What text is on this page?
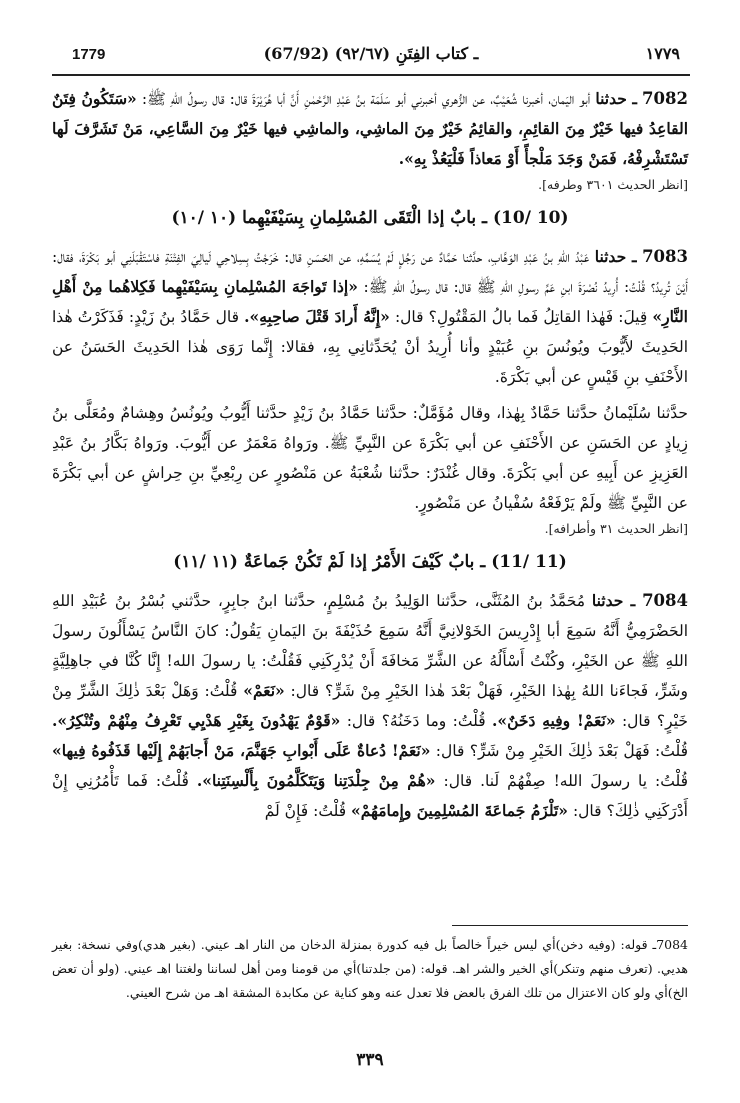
1779	(67/92) ـ كتاب الفِتَنِ (٩٢/٦٧)	١٧٧٩

7082 ـ حدثنا أبو اليَمان، أخبرنا شُعَيْبٌ، عن الزُّهري أخبرني أبو سَلَمَة بنُ عَبْدِ الرَّحْمٰنِ أَنَّ أبا هُرَيْرَةَ قال: قال رسولُ اللهِ ﷺ: «سَتَكُونُ فِتَنٌ القاعِدُ فيها خَيْرٌ مِنَ القائِمِ، والقائِمُ خَيْرٌ مِنَ الماشِي، والماشِي فيها خَيْرٌ مِنَ السَّاعِي، مَنْ تَشَرَّفَ لَها تَسْتَشْرِفْهُ، فَمَنْ وَجَدَ مَلْجأً أَوْ مَعاذاً فَلْيَعُذْ بِهِ».
[انظر الحديث ٣٦٠١ وطرفه].

(10 /10) ـ بابٌ إذا الْتَقَى المُسْلِمانِ بِسَيْفَيْهِما (١٠ /١٠)

7083 ـ حدثنا عَبْدُ اللهِ بنُ عَبْدِ الوَهَّابِ، حدَّثنا حَمَّادٌ عن رَجُلٍ لَمْ يُسَمِّهِ، عن الحَسَنِ قال: خَرَجْتُ بِسِلاحِي لَيالِيَ الفِتْنَةِ فاسْتَقْبَلَنِي أبو بَكْرَةَ، فقال: أَيْنَ تُرِيدُ؟ قُلْتُ: أُرِيدُ نُصْرَةَ ابنِ عَمِّ رسولِ اللهِ ﷺ قال: قال رسولُ اللهِ ﷺ: «إذا تَواجَهَ المُسْلِمانِ بِسَيْفَيْهِما فَكِلاهُما مِنْ أَهْلِ النَّارِ» قِيلَ: فَهٰذا القاتِلُ فَما بالُ المَقْتُولِ؟ قال: «إِنَّهُ أَرادَ قَتْلَ صاحِبِهِ». قال حَمَّادُ بنُ زَيْدٍ: فَذَكَرْتُ هٰذا الحَدِيثَ لأَيُّوبَ ويُونُسَ بنِ عُبَيْدٍ وأنا أُرِيدُ أنْ يُحَدِّثانِي بِهِ، فقالا: إِنَّما رَوَى هٰذا الحَدِيثَ الحَسَنُ عن الأَحْنَفِ بنِ قَيْسٍ عن أبي بَكْرَةَ.

حدَّثنا سُلَيْمانُ حدَّثنا حَمَّادٌ بِهٰذا، وقال مُؤَمَّلٌ: حدَّثنا حَمَّادُ بنُ زَيْدٍ حدَّثنا أَيُّوبُ ويُونُسُ وهِشامٌ ومُعَلَّى بنُ زِيادٍ عن الحَسَنِ عن الأَحْنَفِ عن أبي بَكْرَةَ عن النَّبِيِّ ﷺ. ورَواهُ مَعْمَرٌ عن أَيُّوبَ. ورَواهُ بَكَّارُ بنُ عَبْدِ العَزِيزِ عن أَبِيهِ عن أبي بَكْرَةَ. وقال غُنْدَرٌ: حدَّثنا شُعْبَةُ عن مَنْصُورٍ عن رِبْعِيِّ بنِ حِراشٍ عن أبي بَكْرَةَ عن النَّبِيِّ ﷺ ولَمْ يَرْفَعْهُ سُفْيانُ عن مَنْصُورٍ.
[انظر الحديث ٣١ وأطرافه].

(11 /11) ـ بابٌ كَيْفَ الأَمْرُ إذا لَمْ تَكُنْ جَماعَةٌ (١١ /١١)

7084 ـ حدثنا مُحَمَّدُ بنُ المُثَنَّى، حدَّثنا الوَلِيدُ بنُ مُسْلِمٍ، حدَّثنا ابنُ جابِرٍ، حدَّثني بُسْرُ بنُ عُبَيْدِ اللهِ الحَضْرَمِيُّ أَنَّهُ سَمِعَ أبا إِدْرِيسَ الخَوْلانِيَّ أَنَّهُ سَمِعَ حُذَيْفَةَ بنَ اليَمانِ يَقُولُ: كانَ النَّاسُ يَسْأَلُونَ رسولَ اللهِ ﷺ عن الخَيْرِ، وكُنْتُ أَسْأَلُهُ عن الشَّرِّ مَخافَةَ أَنْ يُدْرِكَنِي فَقُلْتُ: يا رسولَ الله! إِنَّا كُنَّا في جاهِلِيَّةٍ وشَرٍّ، فَجاءَنا اللهُ بِهٰذا الخَيْرِ، فَهَلْ بَعْدَ هٰذا الخَيْرِ مِنْ شَرٍّ؟ قال: «نَعَمْ» قُلْتُ: وَهَلْ بَعْدَ ذٰلِكَ الشَّرِّ مِنْ خَيْرٍ؟ قال: «نَعَمْ! وفِيهِ دَخَنٌ». قُلْتُ: وما دَخَنُهُ؟ قال: «قَوْمٌ يَهْدُونَ بِغَيْرِ هَدْيِي تَعْرِفُ مِنْهُمْ وتُنْكِرُ». قُلْتُ: فَهَلْ بَعْدَ ذٰلِكَ الخَيْرِ مِنْ شَرٍّ؟ قال: «نَعَمْ! دُعاةٌ عَلَى أَبْوابِ جَهَنَّمَ، مَنْ أَجابَهُمْ إِلَيْها قَذَفُوهُ فِيها» قُلْتُ: يا رسولَ الله! صِفْهُمْ لَنا. قال: «هُمْ مِنْ جِلْدَتِنا وَيَتَكَلَّمُونَ بِأَلْسِنَتِنا». قُلْتُ: فَما تَأْمُرُنِي إِنْ أَدْرَكَنِي ذٰلِكَ؟ قال: «تَلْزَمُ جَماعَةَ المُسْلِمِينَ وإِمامَهُمْ» قُلْتُ: فَإِنْ لَمْ

7084ـ قوله: (وفيه دخن)أي ليس خيراً خالصاً بل فيه كدورة بمنزلة الدخان من النار اهـ عيني. (بغير هدي)وفي نسخة: بغير هديي. (تعرف منهم وتنكر)أي الخير والشر اهـ. قوله: (من جلدتنا)أي من قومنا ومن أهل لساننا ولغتنا اهـ عيني. (ولو أن تعض الخ)أي ولو كان الاعتزال من تلك الفرق بالعض فلا تعدل عنه وهو كناية عن مكابدة المشقة اهـ من شرح العيني.
٣٣٩
